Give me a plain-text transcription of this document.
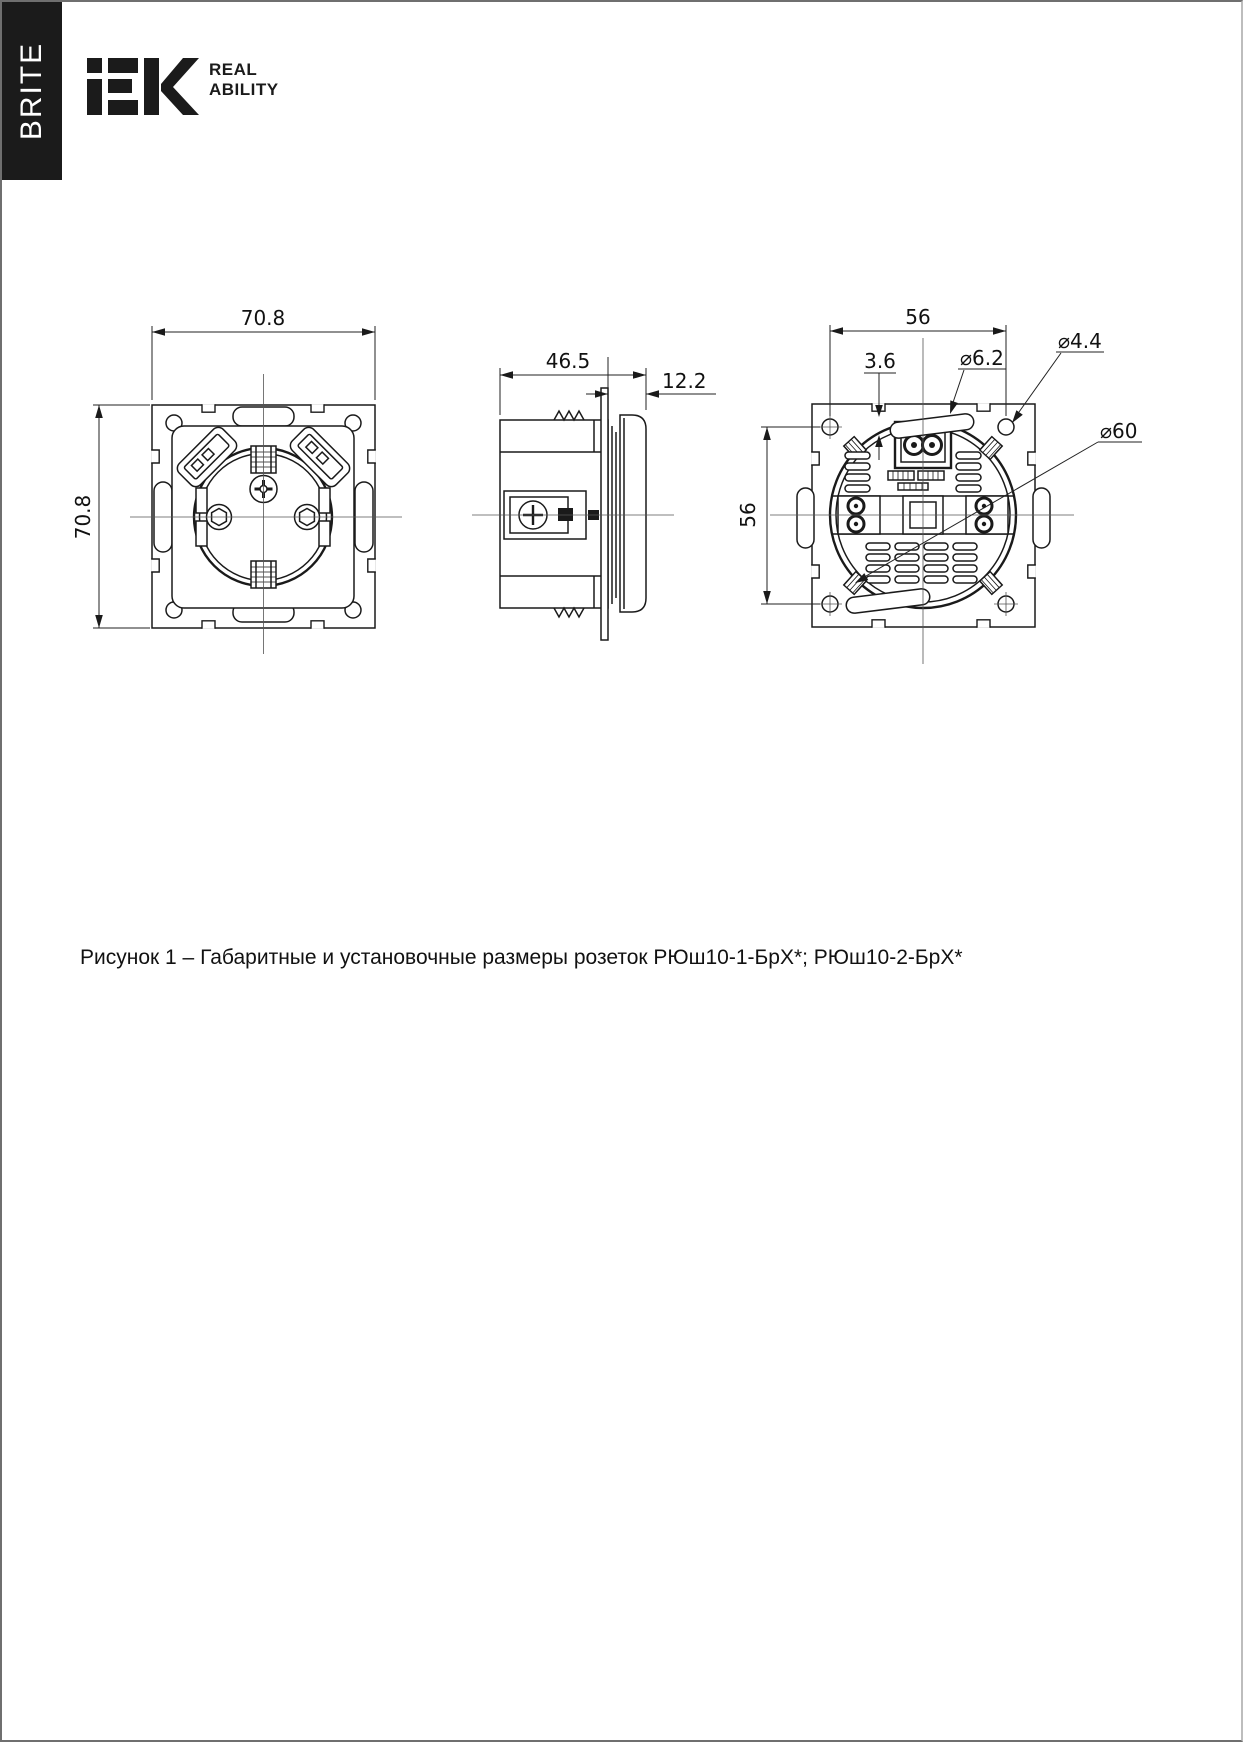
BRITE	REAL
ABILITY
70.8
70.8
46.5
12.2
56
56
3.6	⌀6.2
⌀4.4
⌀60
Рисунок 1 – Габаритные и установочные размеры розеток РЮш10-1-БрХ*; РЮш10-2-БрХ*
